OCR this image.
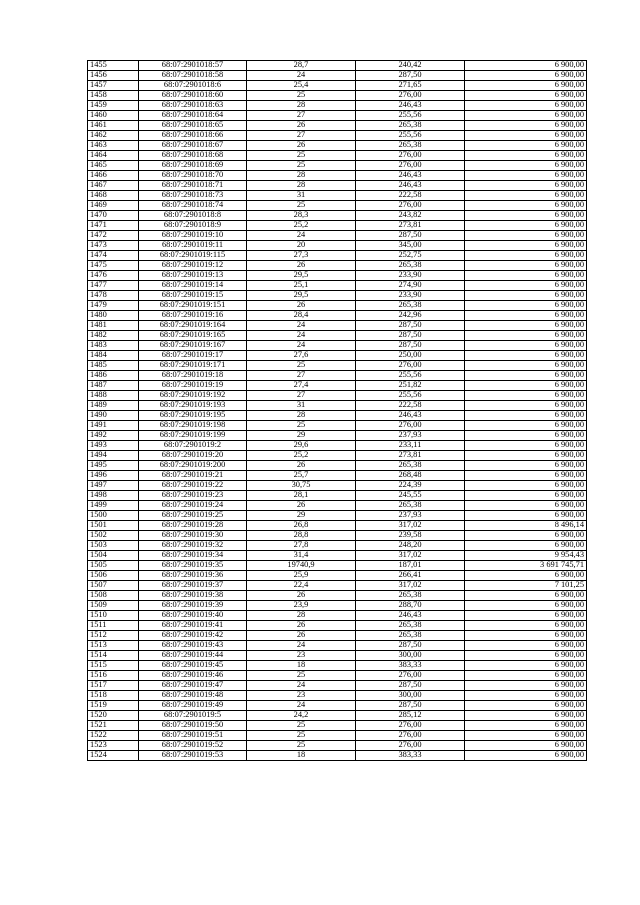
1455	68:07:2901018:57	28,7	240,42	6 900,00
1456	68:07:2901018:58	24	287,50	6 900,00
1457	68:07:2901018:6	25,4	271,65	6 900,00
1458	68:07:2901018:60	25	276,00	6 900,00
1459	68:07:2901018:63	28	246,43	6 900,00
1460	68:07:2901018:64	27	255,56	6 900,00
1461	68:07:2901018:65	26	265,38	6 900,00
1462	68:07:2901018:66	27	255,56	6 900,00
1463	68:07:2901018:67	26	265,38	6 900,00
1464	68:07:2901018:68	25	276,00	6 900,00
1465	68:07:2901018:69	25	276,00	6 900,00
1466	68:07:2901018:70	28	246,43	6 900,00
1467	68:07:2901018:71	28	246,43	6 900,00
1468	68:07:2901018:73	31	222,58	6 900,00
1469	68:07:2901018:74	25	276,00	6 900,00
1470	68:07:2901018:8	28,3	243,82	6 900,00
1471	68:07:2901018:9	25,2	273,81	6 900,00
1472	68:07:2901019:10	24	287,50	6 900,00
1473	68:07:2901019:11	20	345,00	6 900,00
1474	68:07:2901019:115	27,3	252,75	6 900,00
1475	68:07:2901019:12	26	265,38	6 900,00
1476	68:07:2901019:13	29,5	233,90	6 900,00
1477	68:07:2901019:14	25,1	274,90	6 900,00
1478	68:07:2901019:15	29,5	233,90	6 900,00
1479	68:07:2901019:151	26	265,38	6 900,00
1480	68:07:2901019:16	28,4	242,96	6 900,00
1481	68:07:2901019:164	24	287,50	6 900,00
1482	68:07:2901019:165	24	287,50	6 900,00
1483	68:07:2901019:167	24	287,50	6 900,00
1484	68:07:2901019:17	27,6	250,00	6 900,00
1485	68:07:2901019:171	25	276,00	6 900,00
1486	68:07:2901019:18	27	255,56	6 900,00
1487	68:07:2901019:19	27,4	251,82	6 900,00
1488	68:07:2901019:192	27	255,56	6 900,00
1489	68:07:2901019:193	31	222,58	6 900,00
1490	68:07:2901019:195	28	246,43	6 900,00
1491	68:07:2901019:198	25	276,00	6 900,00
1492	68:07:2901019:199	29	237,93	6 900,00
1493	68:07:2901019:2	29,6	233,11	6 900,00
1494	68:07:2901019:20	25,2	273,81	6 900,00
1495	68:07:2901019:200	26	265,38	6 900,00
1496	68:07:2901019:21	25,7	268,48	6 900,00
1497	68:07:2901019:22	30,75	224,39	6 900,00
1498	68:07:2901019:23	28,1	245,55	6 900,00
1499	68:07:2901019:24	26	265,38	6 900,00
1500	68:07:2901019:25	29	237,93	6 900,00
1501	68:07:2901019:28	26,8	317,02	8 496,14
1502	68:07:2901019:30	28,8	239,58	6 900,00
1503	68:07:2901019:32	27,8	248,20	6 900,00
1504	68:07:2901019:34	31,4	317,02	9 954,43
1505	68:07:2901019:35	19740,9	187,01	3 691 745,71
1506	68:07:2901019:36	25,9	266,41	6 900,00
1507	68:07:2901019:37	22,4	317,02	7 101,25
1508	68:07:2901019:38	26	265,38	6 900,00
1509	68:07:2901019:39	23,9	288,70	6 900,00
1510	68:07:2901019:40	28	246,43	6 900,00
1511	68:07:2901019:41	26	265,38	6 900,00
1512	68:07:2901019:42	26	265,38	6 900,00
1513	68:07:2901019:43	24	287,50	6 900,00
1514	68:07:2901019:44	23	300,00	6 900,00
1515	68:07:2901019:45	18	383,33	6 900,00
1516	68:07:2901019:46	25	276,00	6 900,00
1517	68:07:2901019:47	24	287,50	6 900,00
1518	68:07:2901019:48	23	300,00	6 900,00
1519	68:07:2901019:49	24	287,50	6 900,00
1520	68:07:2901019:5	24,2	285,12	6 900,00
1521	68:07:2901019:50	25	276,00	6 900,00
1522	68:07:2901019:51	25	276,00	6 900,00
1523	68:07:2901019:52	25	276,00	6 900,00
1524	68:07:2901019:53	18	383,33	6 900,00
